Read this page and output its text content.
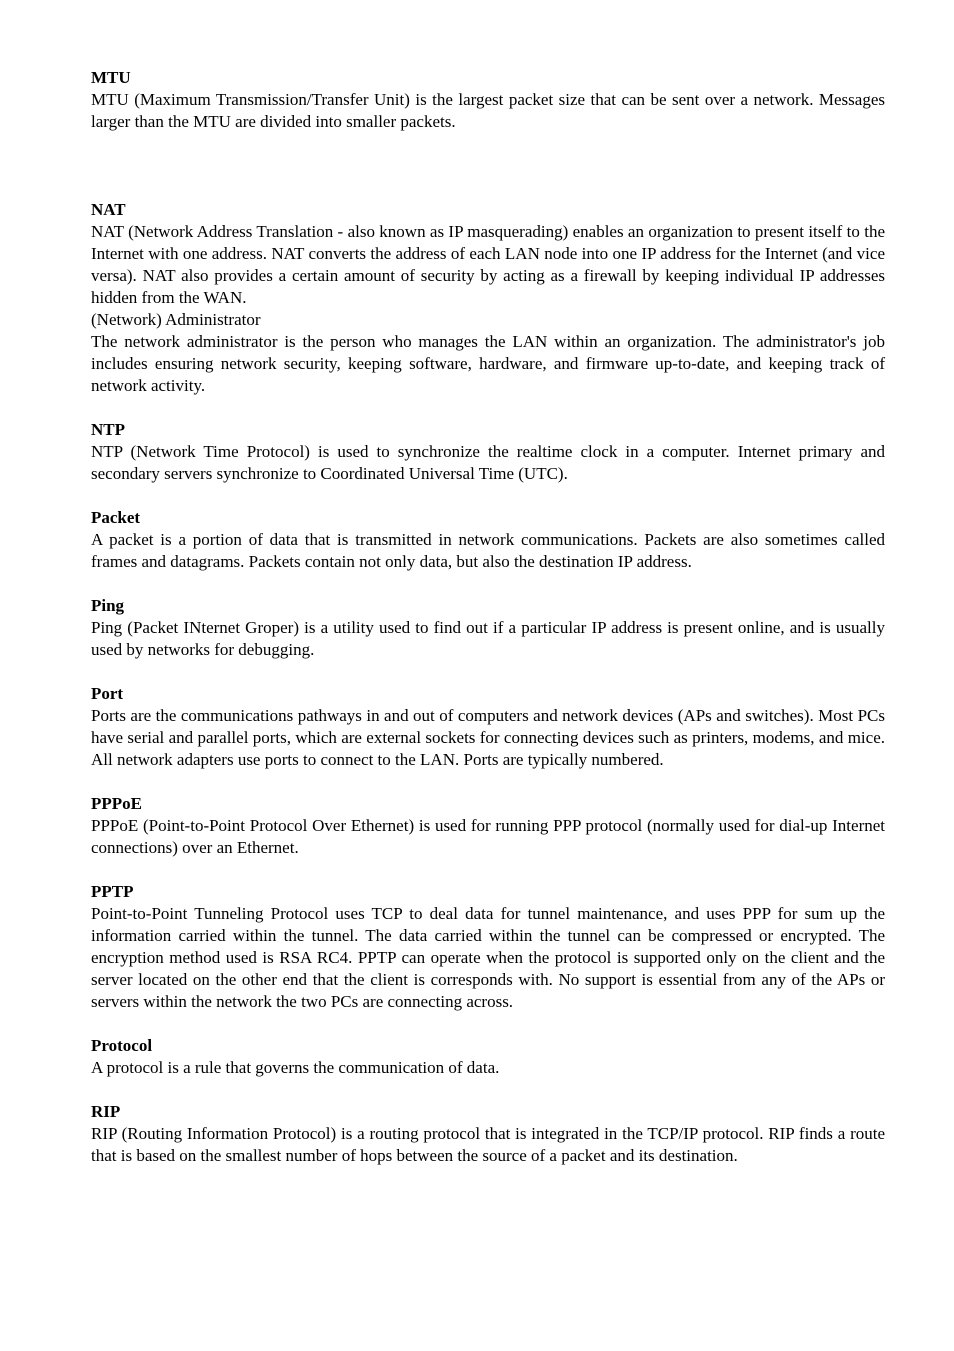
MTU

MTU (Maximum Transmission/Transfer Unit) is the largest packet size that can be sent over a network. Messages larger than the MTU are divided into smaller packets.

NAT

NAT (Network Address Translation - also known as IP masquerading) enables an organization to present itself to the Internet with one address. NAT converts the address of each LAN node into one IP address for the Internet (and vice versa). NAT also provides a certain amount of security by acting as a firewall by keeping individual IP addresses hidden from the WAN.

(Network) Administrator

The network administrator is the person who manages the LAN within an organization. The administrator's job includes ensuring network security, keeping software, hardware, and firmware up-to-date, and keeping track of network activity.

NTP

NTP (Network Time Protocol) is used to synchronize the realtime clock in a computer. Internet primary and secondary servers synchronize to Coordinated Universal Time (UTC).

Packet

A packet is a portion of data that is transmitted in network communications. Packets are also sometimes called frames and datagrams. Packets contain not only data, but also the destination IP address.

Ping

Ping (Packet INternet Groper) is a utility used to find out if a particular IP address is present online, and is usually used by networks for debugging.

Port

Ports are the communications pathways in and out of computers and network devices (APs and switches). Most PCs have serial and parallel ports, which are external sockets for connecting devices such as printers, modems, and mice. All network adapters use ports to connect to the LAN. Ports are typically numbered.

PPPoE

PPPoE (Point-to-Point Protocol Over Ethernet) is used for running PPP protocol (normally used for dial-up Internet connections) over an Ethernet.

PPTP

Point-to-Point Tunneling Protocol uses TCP to deal data for tunnel maintenance, and uses PPP for sum up the information carried within the tunnel. The data carried within the tunnel can be compressed or encrypted. The encryption method used is RSA RC4. PPTP can operate when the protocol is supported only on the client and the server located on the other end that the client is corresponds with. No support is essential from any of the APs or servers within the network the two PCs are connecting across.

Protocol

A protocol is a rule that governs the communication of data.

RIP

RIP (Routing Information Protocol) is a routing protocol that is integrated in the TCP/IP protocol. RIP finds a route that is based on the smallest number of hops between the source of a packet and its destination.
